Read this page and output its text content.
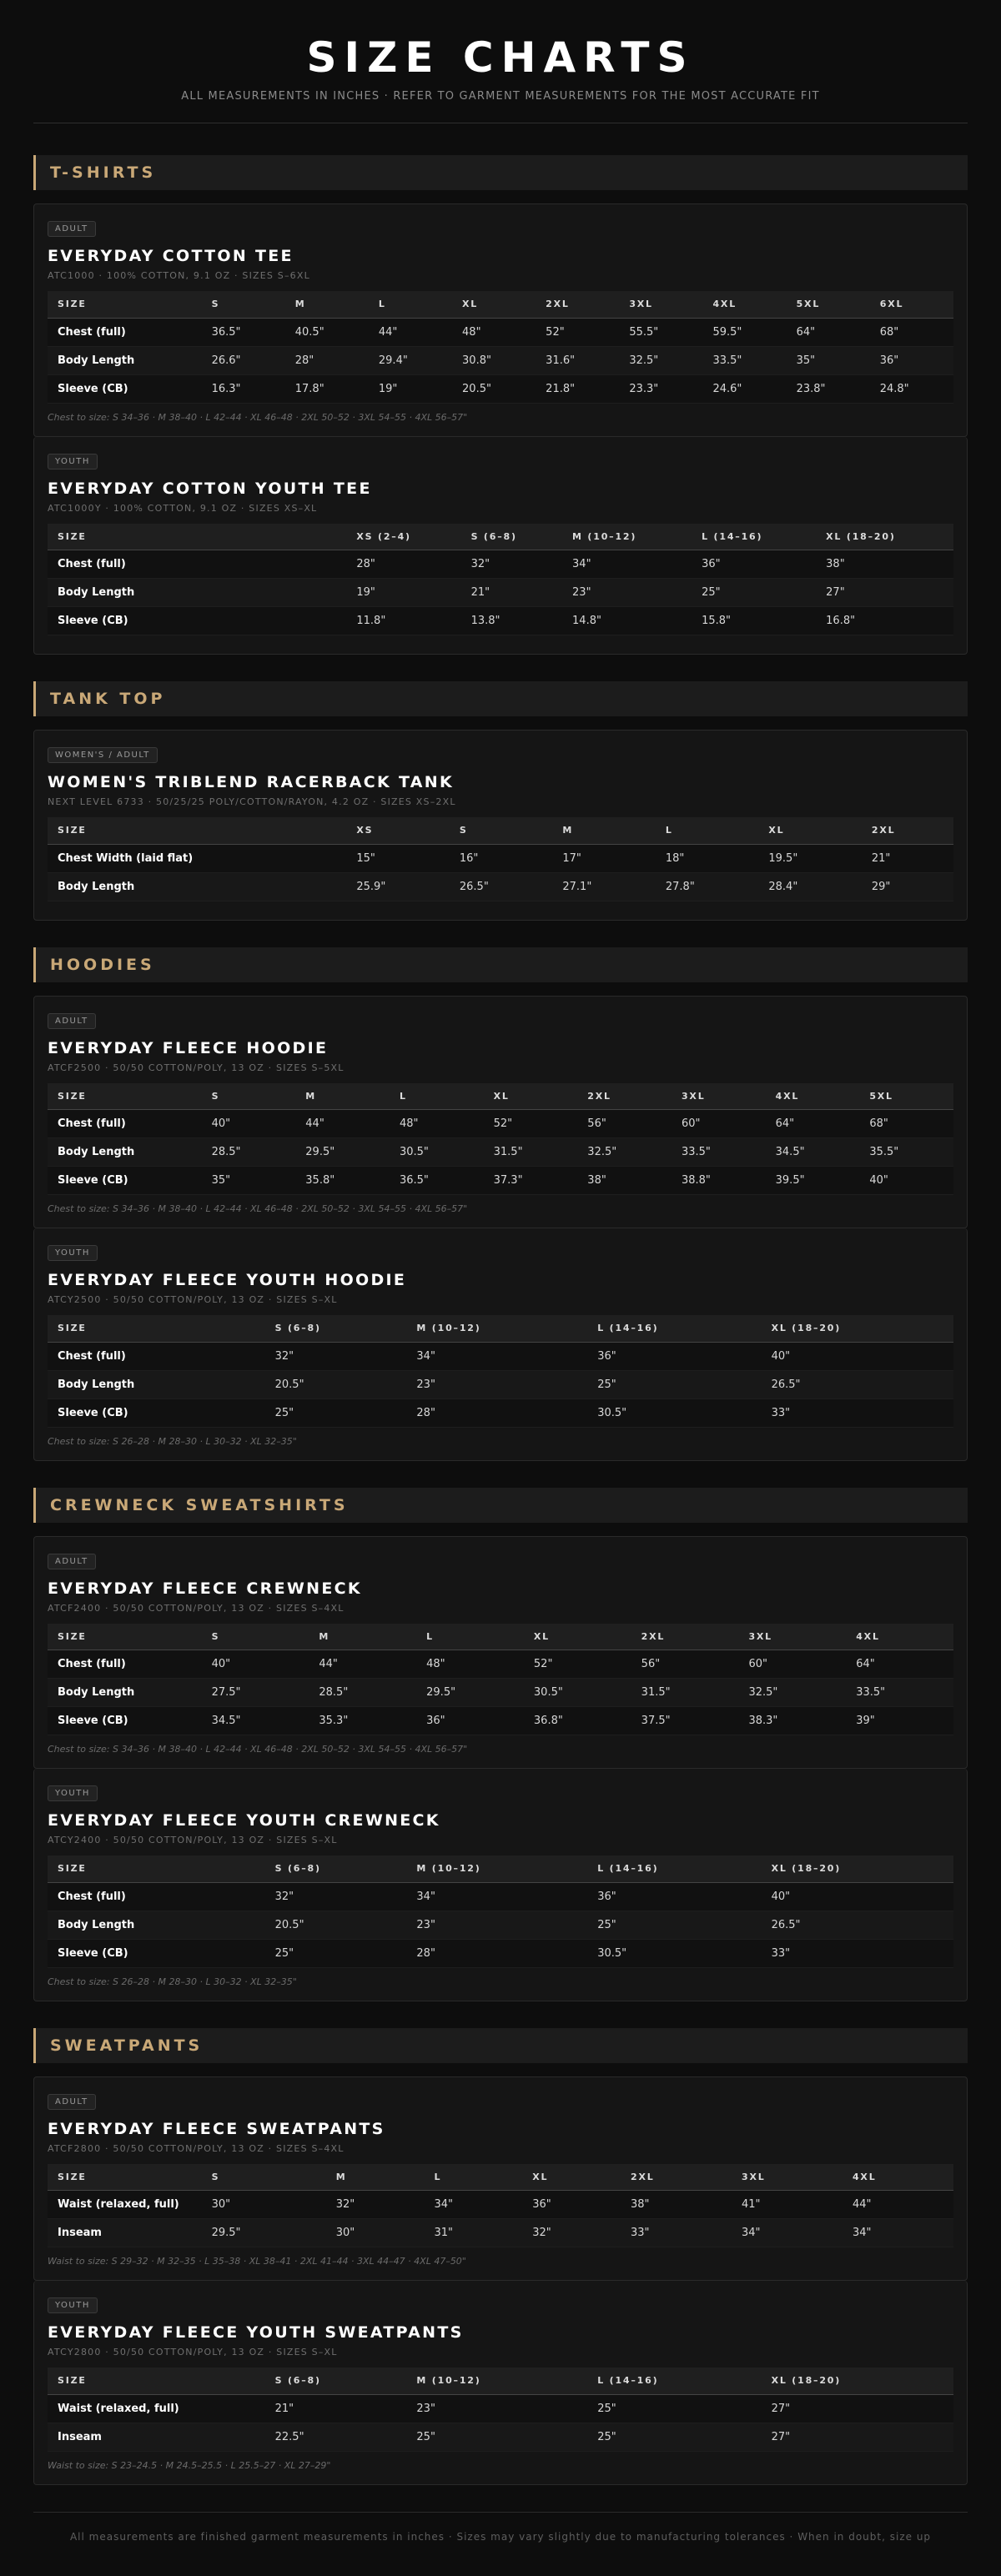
SIZE CHARTS
ALL MEASUREMENTS IN INCHES · REFER TO GARMENT MEASUREMENTS FOR THE MOST ACCURATE FIT
T-SHIRTS
ADULT
EVERYDAY COTTON TEE
ATC1000 · 100% COTTON, 9.1 OZ · SIZES S–6XL
SIZE	S	M	L	XL	2XL	3XL	4XL	5XL	6XL
Chest (full)	36.5"	40.5"	44"	48"	52"	55.5"	59.5"	64"	68"
Body Length	26.6"	28"	29.4"	30.8"	31.6"	32.5"	33.5"	35"	36"
Sleeve (CB)	16.3"	17.8"	19"	20.5"	21.8"	23.3"	24.6"	23.8"	24.8"
Chest to size: S 34–36 · M 38–40 · L 42–44 · XL 46–48 · 2XL 50–52 · 3XL 54–55 · 4XL 56–57"
YOUTH
EVERYDAY COTTON YOUTH TEE
ATC1000Y · 100% COTTON, 9.1 OZ · SIZES XS–XL
SIZE	XS (2–4)	S (6–8)	M (10–12)	L (14–16)	XL (18–20)
Chest (full)	28"	32"	34"	36"	38"
Body Length	19"	21"	23"	25"	27"
Sleeve (CB)	11.8"	13.8"	14.8"	15.8"	16.8"
TANK TOP
WOMEN'S / ADULT
WOMEN'S TRIBLEND RACERBACK TANK
NEXT LEVEL 6733 · 50/25/25 POLY/COTTON/RAYON, 4.2 OZ · SIZES XS–2XL
SIZE	XS	S	M	L	XL	2XL
Chest Width (laid flat)	15"	16"	17"	18"	19.5"	21"
Body Length	25.9"	26.5"	27.1"	27.8"	28.4"	29"
HOODIES
ADULT
EVERYDAY FLEECE HOODIE
ATCF2500 · 50/50 COTTON/POLY, 13 OZ · SIZES S–5XL
SIZE	S	M	L	XL	2XL	3XL	4XL	5XL
Chest (full)	40"	44"	48"	52"	56"	60"	64"	68"
Body Length	28.5"	29.5"	30.5"	31.5"	32.5"	33.5"	34.5"	35.5"
Sleeve (CB)	35"	35.8"	36.5"	37.3"	38"	38.8"	39.5"	40"
Chest to size: S 34–36 · M 38–40 · L 42–44 · XL 46–48 · 2XL 50–52 · 3XL 54–55 · 4XL 56–57"
YOUTH
EVERYDAY FLEECE YOUTH HOODIE
ATCY2500 · 50/50 COTTON/POLY, 13 OZ · SIZES S–XL
SIZE	S (6–8)	M (10–12)	L (14–16)	XL (18–20)
Chest (full)	32"	34"	36"	40"
Body Length	20.5"	23"	25"	26.5"
Sleeve (CB)	25"	28"	30.5"	33"
Chest to size: S 26–28 · M 28–30 · L 30–32 · XL 32–35"
CREWNECK SWEATSHIRTS
ADULT
EVERYDAY FLEECE CREWNECK
ATCF2400 · 50/50 COTTON/POLY, 13 OZ · SIZES S–4XL
SIZE	S	M	L	XL	2XL	3XL	4XL
Chest (full)	40"	44"	48"	52"	56"	60"	64"
Body Length	27.5"	28.5"	29.5"	30.5"	31.5"	32.5"	33.5"
Sleeve (CB)	34.5"	35.3"	36"	36.8"	37.5"	38.3"	39"
Chest to size: S 34–36 · M 38–40 · L 42–44 · XL 46–48 · 2XL 50–52 · 3XL 54–55 · 4XL 56–57"
YOUTH
EVERYDAY FLEECE YOUTH CREWNECK
ATCY2400 · 50/50 COTTON/POLY, 13 OZ · SIZES S–XL
SIZE	S (6–8)	M (10–12)	L (14–16)	XL (18–20)
Chest (full)	32"	34"	36"	40"
Body Length	20.5"	23"	25"	26.5"
Sleeve (CB)	25"	28"	30.5"	33"
Chest to size: S 26–28 · M 28–30 · L 30–32 · XL 32–35"
SWEATPANTS
ADULT
EVERYDAY FLEECE SWEATPANTS
ATCF2800 · 50/50 COTTON/POLY, 13 OZ · SIZES S–4XL
SIZE	S	M	L	XL	2XL	3XL	4XL
Waist (relaxed, full)	30"	32"	34"	36"	38"	41"	44"
Inseam	29.5"	30"	31"	32"	33"	34"	34"
Waist to size: S 29–32 · M 32–35 · L 35–38 · XL 38–41 · 2XL 41–44 · 3XL 44–47 · 4XL 47–50"
YOUTH
EVERYDAY FLEECE YOUTH SWEATPANTS
ATCY2800 · 50/50 COTTON/POLY, 13 OZ · SIZES S–XL
SIZE	S (6–8)	M (10–12)	L (14–16)	XL (18–20)
Waist (relaxed, full)	21"	23"	25"	27"
Inseam	22.5"	25"	25"	27"
Waist to size: S 23–24.5 · M 24.5–25.5 · L 25.5–27 · XL 27–29"
All measurements are finished garment measurements in inches · Sizes may vary slightly due to manufacturing tolerances · When in doubt, size up
